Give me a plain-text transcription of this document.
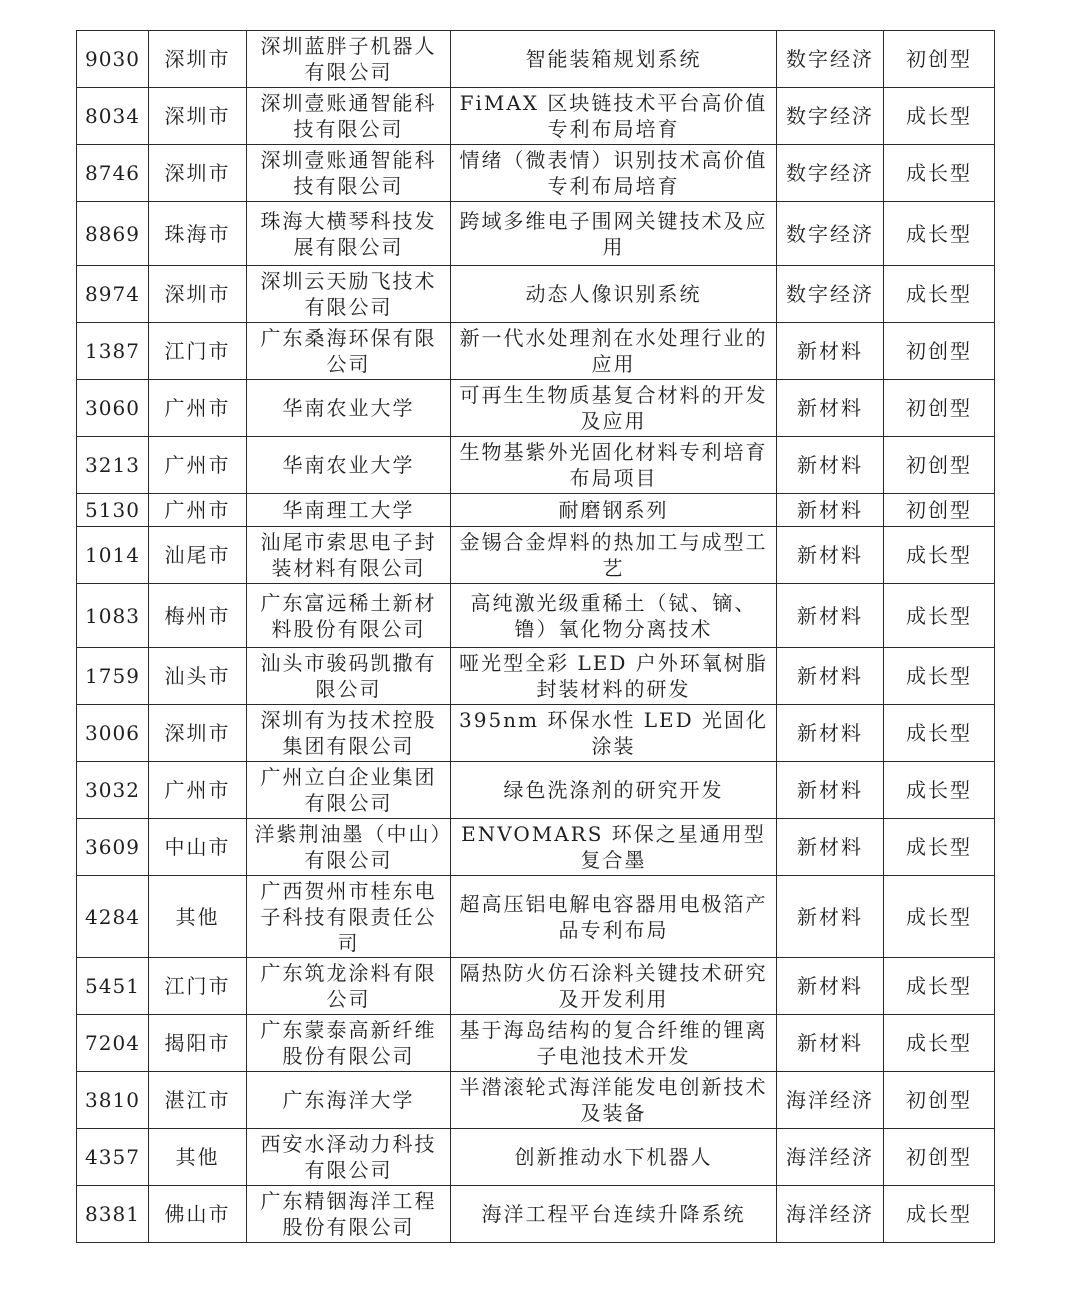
9030	深圳市	深圳蓝胖子机器人有限公司	智能装箱规划系统	数字经济	初创型
8034	深圳市	深圳壹账通智能科技有限公司	FiMAX 区块链技术平台高价值专利布局培育	数字经济	成长型
8746	深圳市	深圳壹账通智能科技有限公司	情绪（微表情）识别技术高价值专利布局培育	数字经济	成长型
8869	珠海市	珠海大横琴科技发展有限公司	跨域多维电子围网关键技术及应用	数字经济	成长型
8974	深圳市	深圳云天励飞技术有限公司	动态人像识别系统	数字经济	成长型
1387	江门市	广东桑海环保有限公司	新一代水处理剂在水处理行业的应用	新材料	初创型
3060	广州市	华南农业大学	可再生生物质基复合材料的开发及应用	新材料	初创型
3213	广州市	华南农业大学	生物基紫外光固化材料专利培育布局项目	新材料	初创型
5130	广州市	华南理工大学	耐磨钢系列	新材料	初创型
1014	汕尾市	汕尾市索思电子封装材料有限公司	金锡合金焊料的热加工与成型工艺	新材料	成长型
1083	梅州市	广东富远稀土新材料股份有限公司	高纯激光级重稀土（铽、镝、镥）氧化物分离技术	新材料	成长型
1759	汕头市	汕头市骏码凯撒有限公司	哑光型全彩 LED 户外环氧树脂封装材料的研发	新材料	成长型
3006	深圳市	深圳有为技术控股集团有限公司	395nm 环保水性 LED 光固化涂装	新材料	成长型
3032	广州市	广州立白企业集团有限公司	绿色洗涤剂的研究开发	新材料	成长型
3609	中山市	洋紫荆油墨（中山）有限公司	ENVOMARS 环保之星通用型复合墨	新材料	成长型
4284	其他	广西贺州市桂东电子科技有限责任公司	超高压铝电解电容器用电极箔产品专利布局	新材料	成长型
5451	江门市	广东筑龙涂料有限公司	隔热防火仿石涂料关键技术研究及开发利用	新材料	成长型
7204	揭阳市	广东蒙泰高新纤维股份有限公司	基于海岛结构的复合纤维的锂离子电池技术开发	新材料	成长型
3810	湛江市	广东海洋大学	半潜滚轮式海洋能发电创新技术及装备	海洋经济	初创型
4357	其他	西安水泽动力科技有限公司	创新推动水下机器人	海洋经济	初创型
8381	佛山市	广东精铟海洋工程股份有限公司	海洋工程平台连续升降系统	海洋经济	成长型
